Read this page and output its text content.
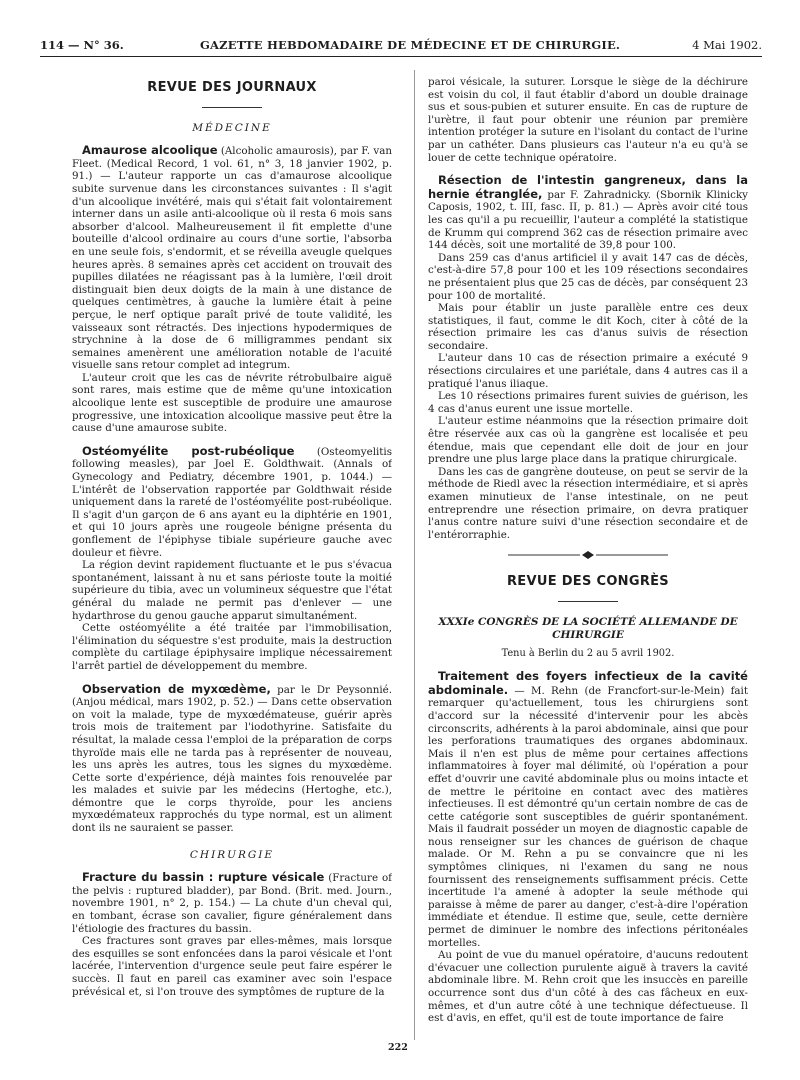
114 — N° 36.	GAZETTE HEBDOMADAIRE DE MÉDECINE ET DE CHIRURGIE.	4 Mai 1902.
REVUE DES JOURNAUX
MÉDECINE

Amaurose alcoolique (Alcoholic amaurosis), par F. van Fleet. (Medical Record, 1 vol. 61, n° 3, 18 janvier 1902, p. 91.) — L'auteur rapporte un cas d'amaurose alcoolique subite survenue dans les circonstances suivantes : Il s'agit d'un alcoolique invétéré, mais qui s'était fait volontairement interner dans un asile anti-alcoolique où il resta 6 mois sans absorber d'alcool. Malheureusement il fit emplette d'une bouteille d'alcool ordinaire au cours d'une sortie, l'absorba en une seule fois, s'endormit, et se réveilla aveugle quelques heures après. 8 semaines après cet accident on trouvait des pupilles dilatées ne réagissant pas à la lumière, l'œil droit distinguait bien deux doigts de la main à une distance de quelques centimètres, à gauche la lumière était à peine perçue, le nerf optique paraît privé de toute validité, les vaisseaux sont rétractés. Des injections hypodermiques de strychnine à la dose de 6 milligrammes pendant six semaines amenèrent une amélioration notable de l'acuité visuelle sans retour complet ad integrum.

L'auteur croit que les cas de névrite rétrobulbaire aiguë sont rares, mais estime que de même qu'une intoxication alcoolique lente est susceptible de produire une amaurose progressive, une intoxication alcoolique massive peut être la cause d'une amaurose subite.

Ostéomyélite post-rubéolique (Osteomyelitis following measles), par Joel E. Goldthwait. (Annals of Gynecology and Pediatry, décembre 1901, p. 1044.) — L'intérêt de l'observation rapportée par Goldthwait réside uniquement dans la rareté de l'ostéomyélite post-rubéolique. Il s'agit d'un garçon de 6 ans ayant eu la diphtérie en 1901, et qui 10 jours après une rougeole bénigne présenta du gonflement de l'épiphyse tibiale supérieure gauche avec douleur et fièvre.

La région devint rapidement fluctuante et le pus s'évacua spontanément, laissant à nu et sans périoste toute la moitié supérieure du tibia, avec un volumineux séquestre que l'état général du malade ne permit pas d'enlever — une hydarthrose du genou gauche apparut simultanément.

Cette ostéomyélite a été traitée par l'immobilisation, l'élimination du séquestre s'est produite, mais la destruction complète du cartilage épiphysaire implique nécessairement l'arrêt partiel de développement du membre.

Observation de myxœdème, par le Dr Peysonnié. (Anjou médical, mars 1902, p. 52.) — Dans cette observation on voit la malade, type de myxœdémateuse, guérir après trois mois de traitement par l'iodothyrine. Satisfaite du résultat, la malade cessa l'emploi de la préparation de corps thyroïde mais elle ne tarda pas à représenter de nouveau, les uns après les autres, tous les signes du myxœdème. Cette sorte d'expérience, déjà maintes fois renouvelée par les malades et suivie par les médecins (Hertoghe, etc.), démontre que le corps thyroïde, pour les anciens myxœdémateux rapprochés du type normal, est un aliment dont ils ne sauraient se passer.

CHIRURGIE

Fracture du bassin : rupture vésicale (Fracture of the pelvis : ruptured bladder), par Bond. (Brit. med. Journ., novembre 1901, n° 2, p. 154.) — La chute d'un cheval qui, en tombant, écrase son cavalier, figure généralement dans l'étiologie des fractures du bassin.

Ces fractures sont graves par elles-mêmes, mais lorsque des esquilles se sont enfoncées dans la paroi vésicale et l'ont lacérée, l'intervention d'urgence seule peut faire espérer le succès. Il faut en pareil cas examiner avec soin l'espace prévésical et, si l'on trouve des symptômes de rupture de la

paroi vésicale, la suturer. Lorsque le siège de la déchirure est voisin du col, il faut établir d'abord un double drainage sus et sous-pubien et suturer ensuite. En cas de rupture de l'urètre, il faut pour obtenir une réunion par première intention protéger la suture en l'isolant du contact de l'urine par un cathéter. Dans plusieurs cas l'auteur n'a eu qu'à se louer de cette technique opératoire.

Résection de l'intestin gangreneux, dans la hernie étranglée, par F. Zahradnicky. (Sbornik Klinicky Caposis, 1902, t. III, fasc. II, p. 81.) — Après avoir cité tous les cas qu'il a pu recueillir, l'auteur a complété la statistique de Krumm qui comprend 362 cas de résection primaire avec 144 décès, soit une mortalité de 39,8 pour 100.

Dans 259 cas d'anus artificiel il y avait 147 cas de décès, c'est-à-dire 57,8 pour 100 et les 109 résections secondaires ne présentaient plus que 25 cas de décès, par conséquent 23 pour 100 de mortalité.

Mais pour établir un juste parallèle entre ces deux statistiques, il faut, comme le dit Koch, citer à côté de la résection primaire les cas d'anus suivis de résection secondaire.

L'auteur dans 10 cas de résection primaire a exécuté 9 résections circulaires et une pariétale, dans 4 autres cas il a pratiqué l'anus iliaque.

Les 10 résections primaires furent suivies de guérison, les 4 cas d'anus eurent une issue mortelle.

L'auteur estime néanmoins que la résection primaire doit être réservée aux cas où la gangrène est localisée et peu étendue, mais que cependant elle doit de jour en jour prendre une plus large place dans la pratique chirurgicale.

Dans les cas de gangrène douteuse, on peut se servir de la méthode de Riedl avec la résection intermédiaire, et si après examen minutieux de l'anse intestinale, on ne peut entreprendre une résection primaire, on devra pratiquer l'anus contre nature suivi d'une résection secondaire et de l'entérorraphie.

REVUE DES CONGRÈS
XXXIe CONGRÈS DE LA SOCIÉTÉ ALLEMANDE DE CHIRURGIE
Tenu à Berlin du 2 au 5 avril 1902.

Traitement des foyers infectieux de la cavité abdominale. — M. Rehn (de Francfort-sur-le-Mein) fait remarquer qu'actuellement, tous les chirurgiens sont d'accord sur la nécessité d'intervenir pour les abcès circonscrits, adhérents à la paroi abdominale, ainsi que pour les perforations traumatiques des organes abdominaux. Mais il n'en est plus de même pour certaines affections inflammatoires à foyer mal délimité, où l'opération a pour effet d'ouvrir une cavité abdominale plus ou moins intacte et de mettre le péritoine en contact avec des matières infectieuses. Il est démontré qu'un certain nombre de cas de cette catégorie sont susceptibles de guérir spontanément. Mais il faudrait posséder un moyen de diagnostic capable de nous renseigner sur les chances de guérison de chaque malade. Or M. Rehn a pu se convaincre que ni les symptômes cliniques, ni l'examen du sang ne nous fournissent des renseignements suffisamment précis. Cette incertitude l'a amené à adopter la seule méthode qui paraisse à même de parer au danger, c'est-à-dire l'opération immédiate et étendue. Il estime que, seule, cette dernière permet de diminuer le nombre des infections péritonéales mortelles.

Au point de vue du manuel opératoire, d'aucuns redoutent d'évacuer une collection purulente aiguë à travers la cavité abdominale libre. M. Rehn croit que les insuccès en pareille occurrence sont dus d'un côté à des cas fâcheux en eux-mêmes, et d'un autre côté à une technique défectueuse. Il est d'avis, en effet, qu'il est de toute importance de faire

222
